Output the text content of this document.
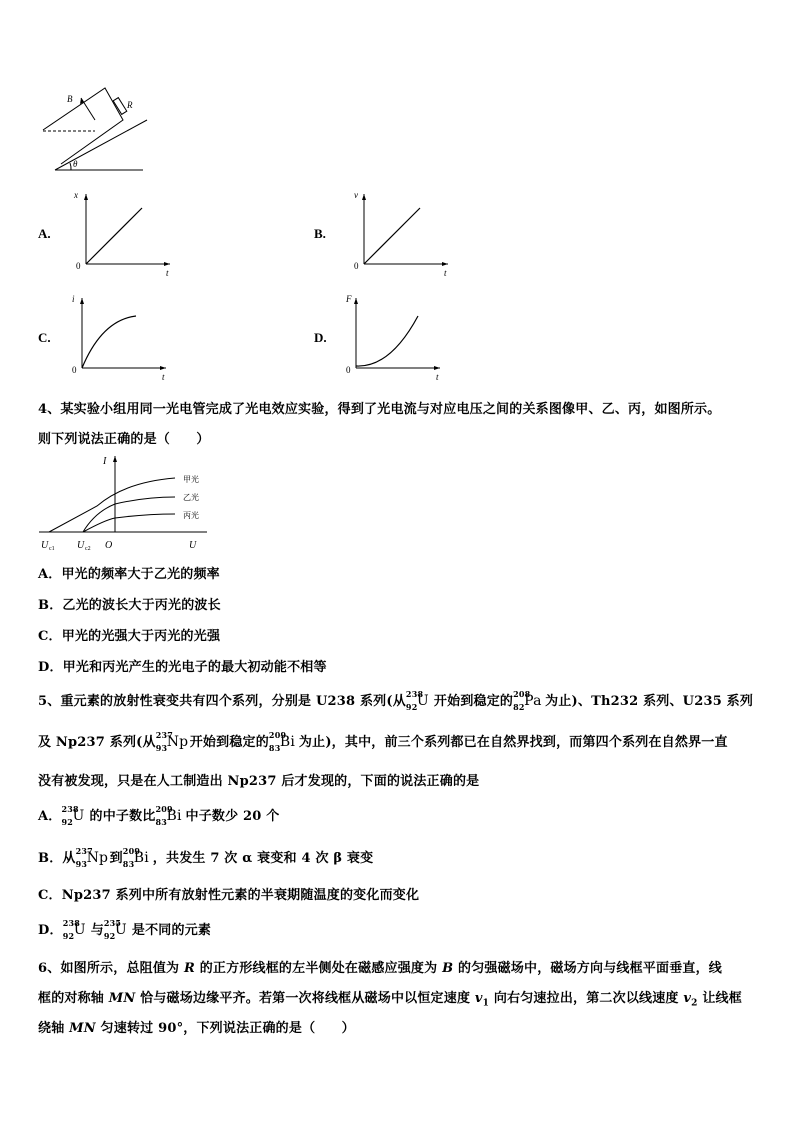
B
R
θ
A.
x
t
0
B.
v
t
0
C.
i
t
0
D.
F
t
0
4、某实验小组用同一光电管完成了光电效应实验，得到了光电流与对应电压之间的关系图像甲、乙、丙，如图所示。
则下列说法正确的是（　　）
I
U
O
U c1 U c2
甲光
乙光
丙光
A．甲光的频率大于乙光的频率
B．乙光的波长大于丙光的波长
C．甲光的光强大于丙光的光强
D．甲光和丙光产生的光电子的最大初动能不相等
5、重元素的放射性衰变共有四个系列，分别是 U238 系列(从
238
92 U 开始到稳定的
208
82 Pa 为止)、Th232 系列、U235 系列
及 Np237 系列(从
237
93 Np 开始到稳定的
209
83 Bi 为止)，其中，前三个系列都已在自然界找到，而第四个系列在自然界一直
没有被发现，只是在人工制造出 Np237 后才发现的，下面的说法正确的是
A．
238
92 U 的中子数比
209
83 Bi 中子数少 20 个
B．从
237
93 Np 到
209
83 Bi ，共发生 7 次 α 衰变和 4 次 β 衰变
C．Np237 系列中所有放射性元素的半衰期随温度的变化而变化
D．
238
92 U 与
235
92 U 是不同的元素
6、如图所示，总阻值为 R 的正方形线框的左半侧处在磁感应强度为 B 的匀强磁场中，磁场方向与线框平面垂直，线
框的对称轴 MN 恰与磁场边缘平齐。若第一次将线框从磁场中以恒定速度 $v_1$ 向右匀速拉出，第二次以线速度 $v_2$ 让线框
绕轴 MN 匀速转过 90°，下列说法正确的是（　　）
